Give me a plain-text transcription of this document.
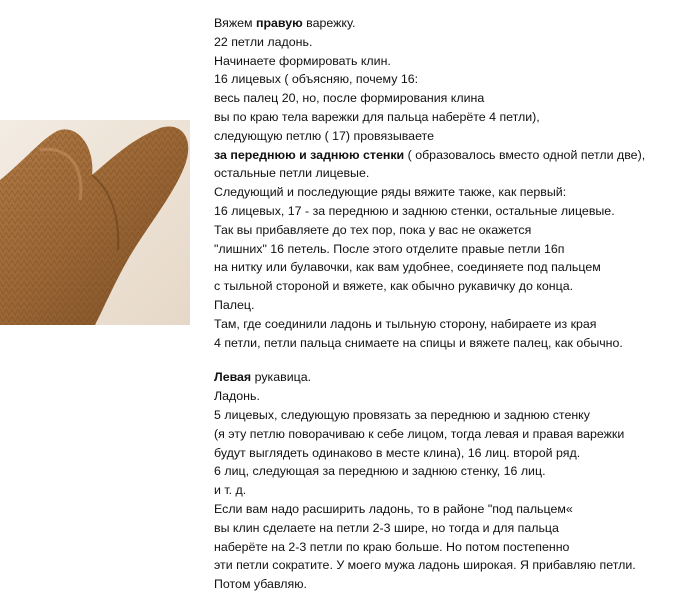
Вяжем правую варежку.
22 петли ладонь.
Начинаете формировать клин.
16 лицевых ( объясняю, почему 16:
весь палец 20, но, после формирования клина
вы по краю тела варежки для пальца наберёте 4 петли),
следующую петлю ( 17) провязываете
за переднюю и заднюю стенки ( образовалось вместо одной петли две),
остальные петли лицевые.
Следующий и последующие ряды вяжите также, как первый:
16 лицевых, 17 - за переднюю и заднюю стенки, остальные лицевые.
Так вы прибавляете до тех пор, пока у вас не окажется
"лишних" 16 петель. После этого отделите правые петли 16п
на нитку или булавочки, как вам удобнее, соединяете под пальцем
с тыльной стороной и вяжете, как обычно рукавичку до конца.
Палец.
Там, где соединили ладонь и тыльную сторону, набираете из края
4 петли, петли пальца снимаете на спицы и вяжете палец, как обычно.
Левая рукавица.
Ладонь.
5 лицевых, следующую провязать за переднюю и заднюю стенку
(я эту петлю поворачиваю к себе лицом, тогда левая и правая варежки
будут выглядеть одинаково в месте клина), 16 лиц. второй ряд.
6 лиц, следующая за переднюю и заднюю стенку, 16 лиц.
и т. д.
Если вам надо расширить ладонь, то в районе "под пальцем«
вы клин сделаете на петли 2-3 шире, но тогда и для пальца
наберёте на 2-3 петли по краю больше. Но потом постепенно
эти петли сократите. У моего мужа ладонь широкая. Я прибавляю петли.
Потом убавляю.
